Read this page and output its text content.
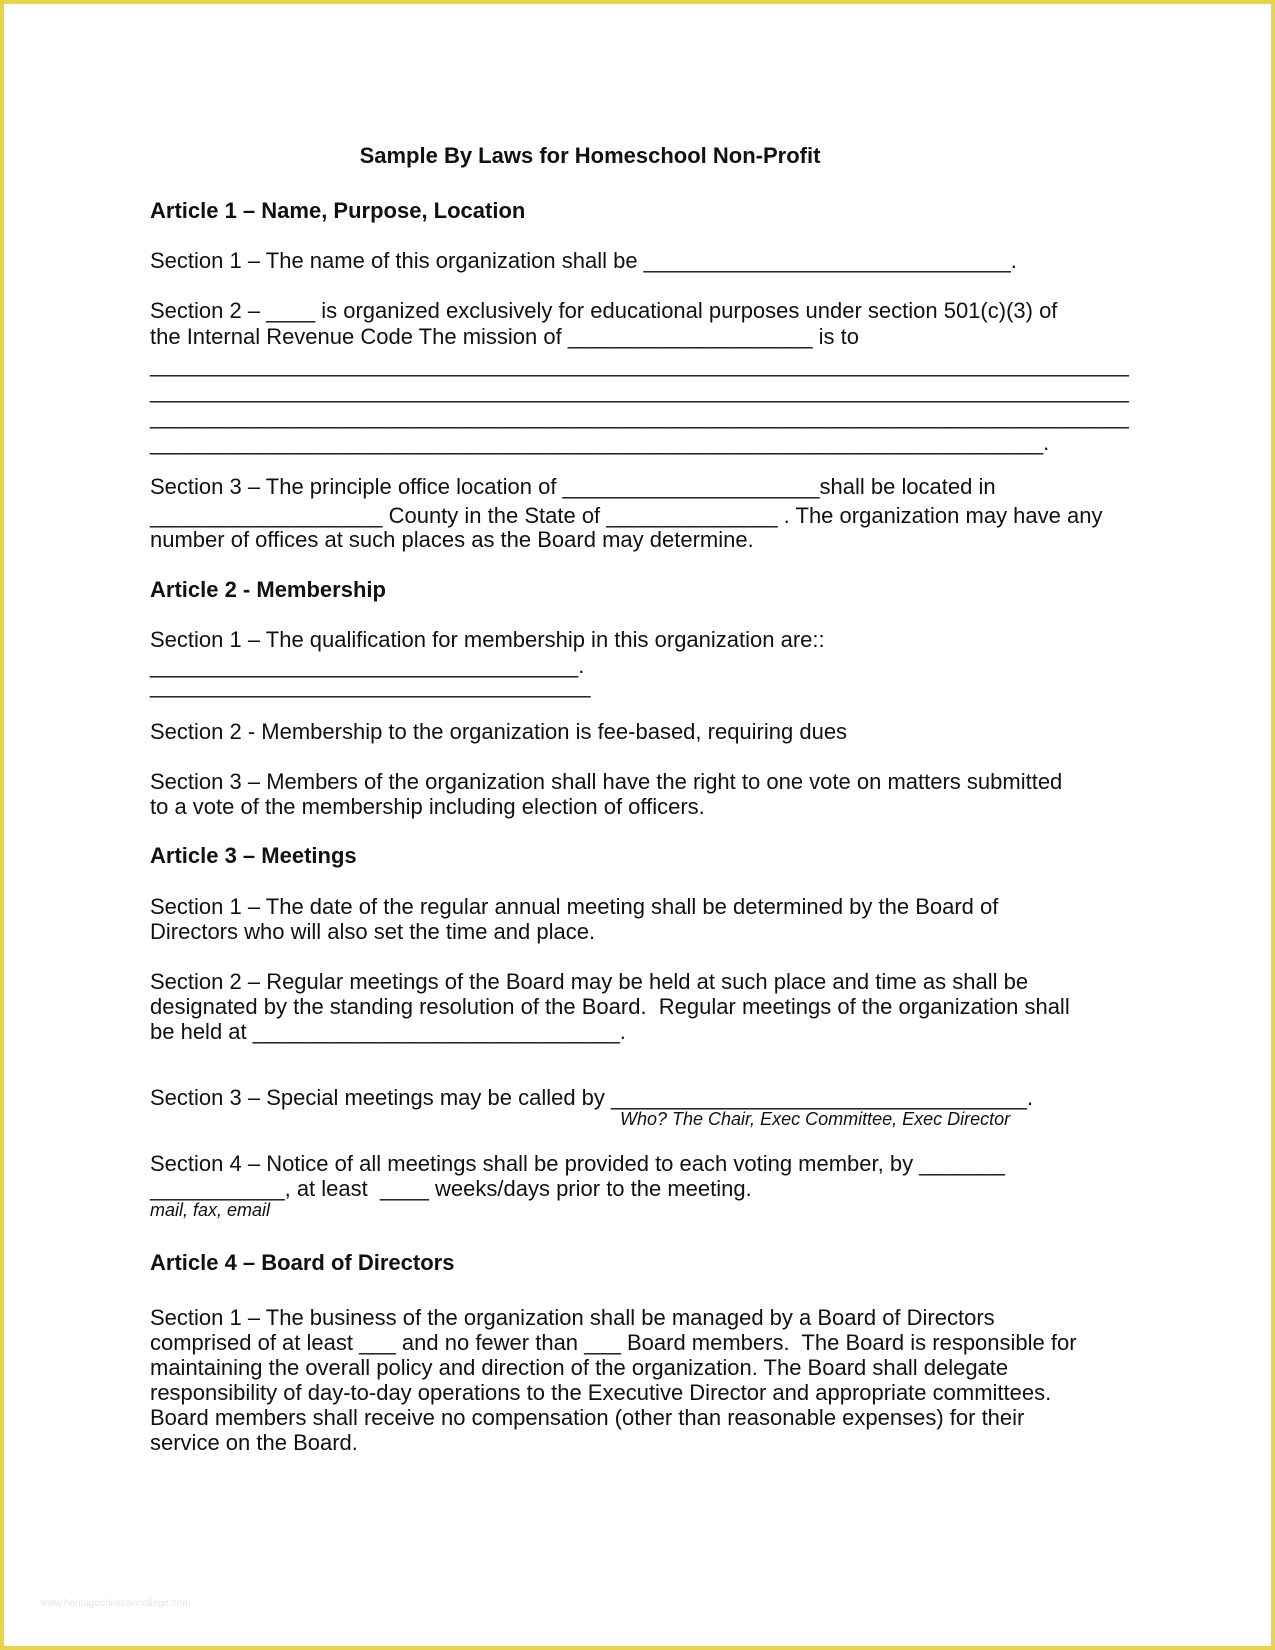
Sample By Laws for Homeschool Non-Profit
Article 1 – Name, Purpose, Location
Section 1 – The name of this organization shall be ______________________________.
Section 2 – ____ is organized exclusively for educational purposes under section 501(c)(3) of
the Internal Revenue Code The mission of ____________________ is to
________________________________________________________________________________
________________________________________________________________________________
________________________________________________________________________________
_________________________________________________________________________.
Section 3 – The principle office location of _____________________shall be located in
___________________ County in the State of ______________ . The organization may have any
number of offices at such places as the Board may determine.
Article 2 - Membership
Section 1 – The qualification for membership in this organization are::
___________________________________.
____________________________________
Section 2 - Membership to the organization is fee-based, requiring dues
Section 3 – Members of the organization shall have the right to one vote on matters submitted
to a vote of the membership including election of officers.
Article 3 – Meetings
Section 1 – The date of the regular annual meeting shall be determined by the Board of
Directors who will also set the time and place.
Section 2 – Regular meetings of the Board may be held at such place and time as shall be
designated by the standing resolution of the Board.  Regular meetings of the organization shall
be held at ______________________________.
Section 3 – Special meetings may be called by __________________________________.
Who? The Chair, Exec Committee, Exec Director
Section 4 – Notice of all meetings shall be provided to each voting member, by _______
___________, at least  ____ weeks/days prior to the meeting.
mail, fax, email
Article 4 – Board of Directors
Section 1 – The business of the organization shall be managed by a Board of Directors
comprised of at least ___ and no fewer than ___ Board members.  The Board is responsible for
maintaining the overall policy and direction of the organization. The Board shall delegate
responsibility of day-to-day operations to the Executive Director and appropriate committees.
Board members shall receive no compensation (other than reasonable expenses) for their
service on the Board.
www.heritagechristiancollege.com
